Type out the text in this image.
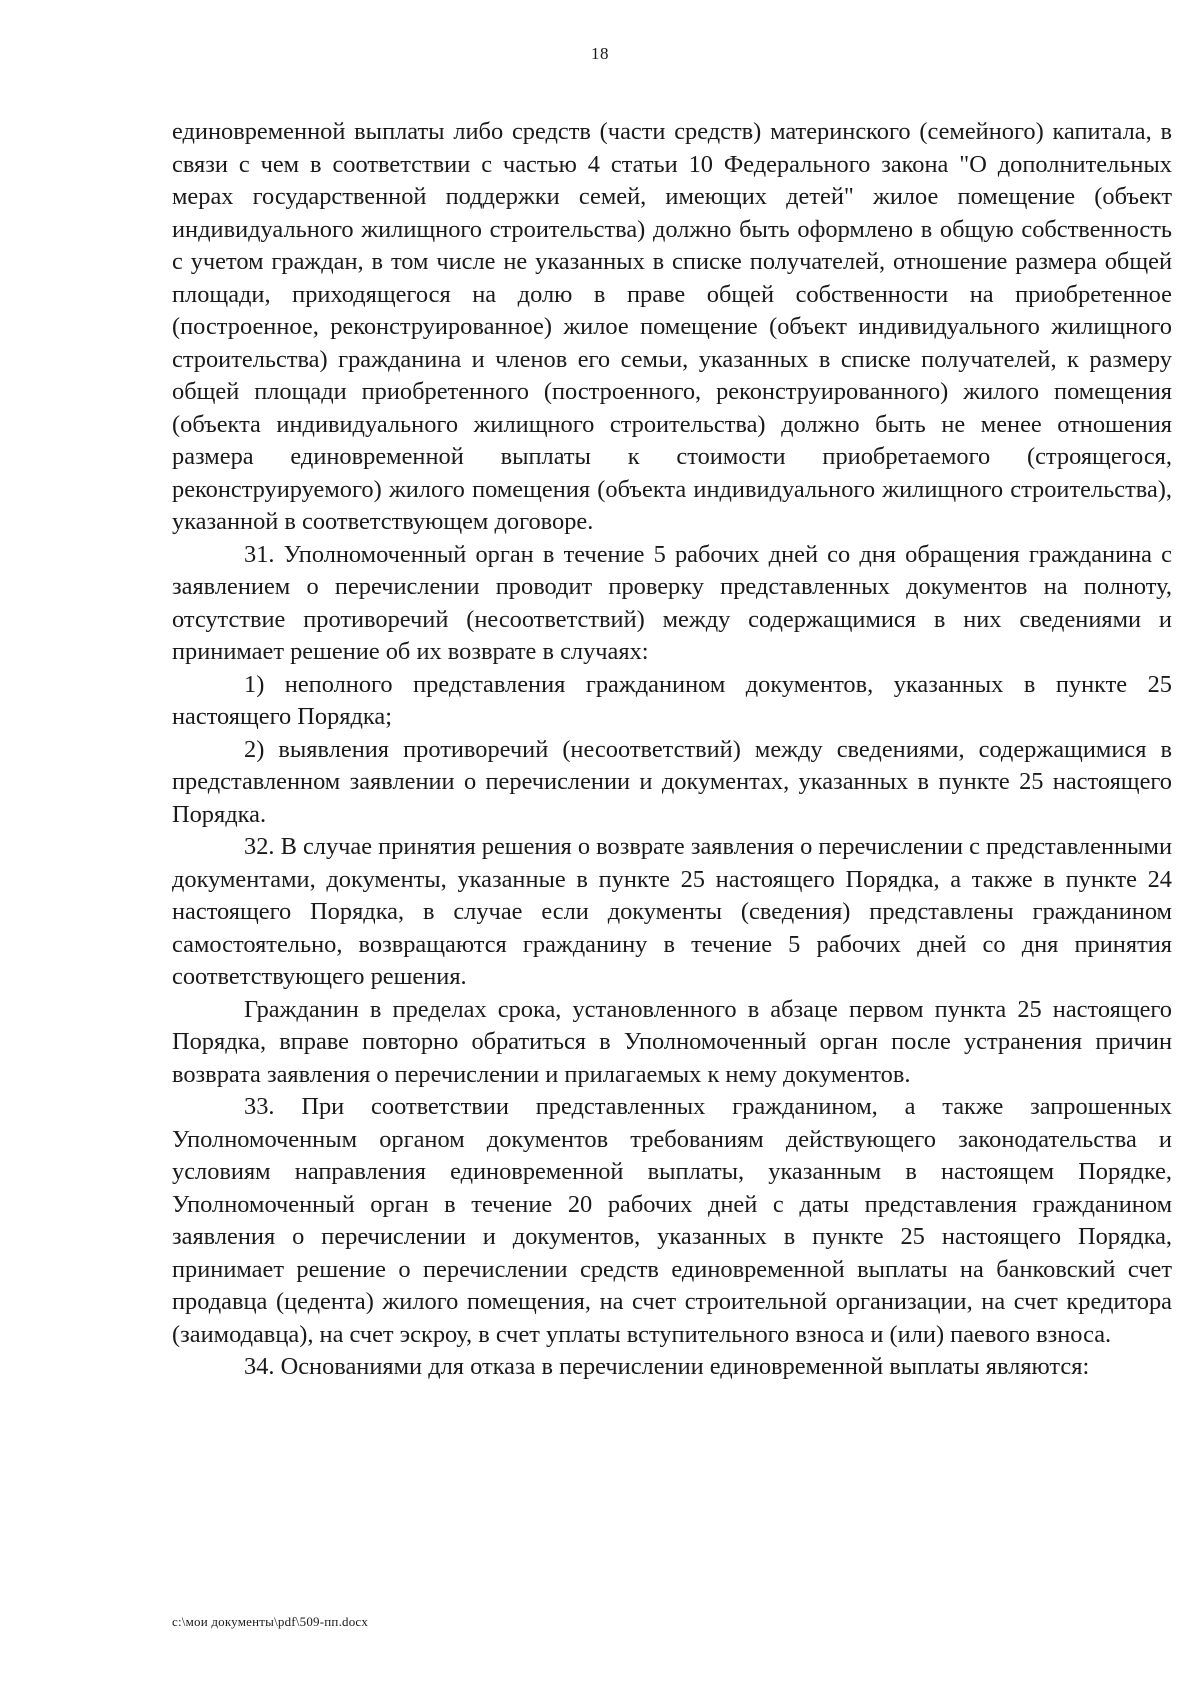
18

единовременной выплаты либо средств (части средств) материнского (семейного) капитала, в связи с чем в соответствии с частью 4 статьи 10 Федерального закона "О дополнительных мерах государственной поддержки семей, имеющих детей" жилое помещение (объект индивидуального жилищного строительства) должно быть оформлено в общую собственность с учетом граждан, в том числе не указанных в списке получателей, отношение размера общей площади, приходящегося на долю в праве общей собственности на приобретенное (построенное, реконструированное) жилое помещение (объект индивидуального жилищного строительства) гражданина и членов его семьи, указанных в списке получателей, к размеру общей площади приобретенного (построенного, реконструированного) жилого помещения (объекта индивидуального жилищного строительства) должно быть не менее отношения размера единовременной выплаты к стоимости приобретаемого (строящегося, реконструируемого) жилого помещения (объекта индивидуального жилищного строительства), указанной в соответствующем договоре.

31. Уполномоченный орган в течение 5 рабочих дней со дня обращения гражданина с заявлением о перечислении проводит проверку представленных документов на полноту, отсутствие противоречий (несоответствий) между содержащимися в них сведениями и принимает решение об их возврате в случаях:

1) неполного представления гражданином документов, указанных в пункте 25 настоящего Порядка;

2) выявления противоречий (несоответствий) между сведениями, содержащимися в представленном заявлении о перечислении и документах, указанных в пункте 25 настоящего Порядка.

32. В случае принятия решения о возврате заявления о перечислении с представленными документами, документы, указанные в пункте 25 настоящего Порядка, а также в пункте 24 настоящего Порядка, в случае если документы (сведения) представлены гражданином самостоятельно, возвращаются гражданину в течение 5 рабочих дней со дня принятия соответствующего решения.

Гражданин в пределах срока, установленного в абзаце первом пункта 25 настоящего Порядка, вправе повторно обратиться в Уполномоченный орган после устранения причин возврата заявления о перечислении и прилагаемых к нему документов.

33. При соответствии представленных гражданином, а также запрошенных Уполномоченным органом документов требованиям действующего законодательства и условиям направления единовременной выплаты, указанным в настоящем Порядке, Уполномоченный орган в течение 20 рабочих дней с даты представления гражданином заявления о перечислении и документов, указанных в пункте 25 настоящего Порядка, принимает решение о перечислении средств единовременной выплаты на банковский счет продавца (цедента) жилого помещения, на счет строительной организации, на счет кредитора (заимодавца), на счет эскроу, в счет уплаты вступительного взноса и (или) паевого взноса.

34. Основаниями для отказа в перечислении единовременной выплаты являются:

c:\мои документы\pdf\509-пп.docx
